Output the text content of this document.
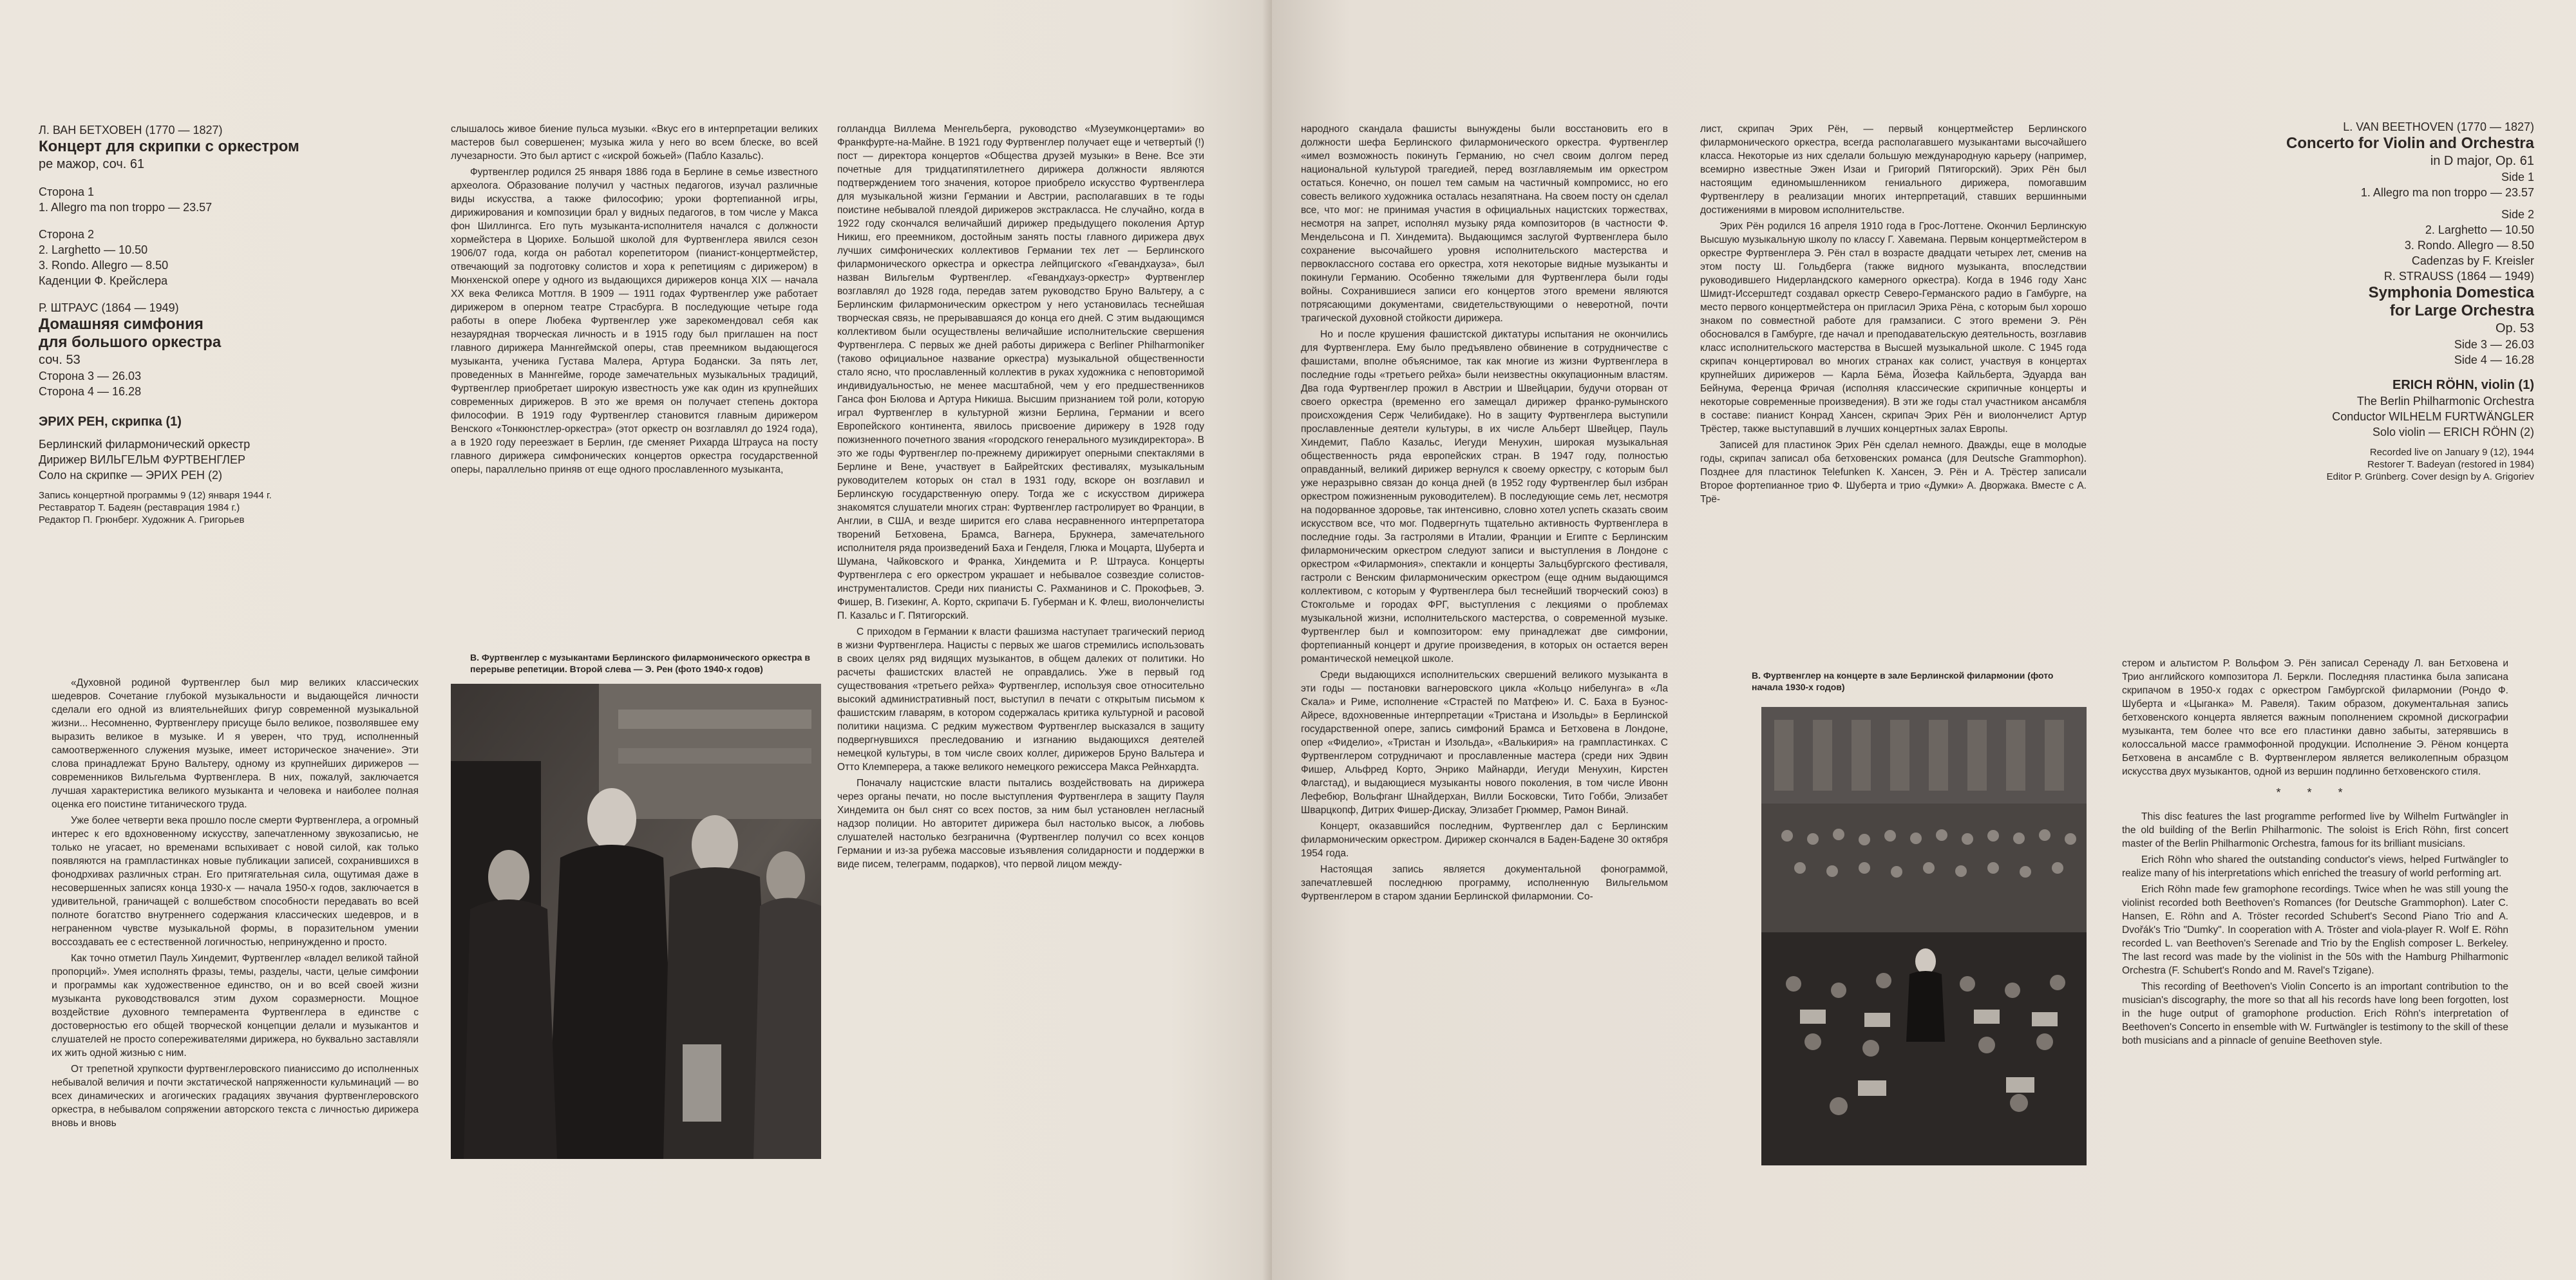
Л. ВАН БЕТХОВЕН (1770 — 1827)
Концерт для скрипки с оркестром
ре мажор, соч. 61
Сторона 1
1. Allegro ma non troppo — 23.57
Сторона 2
2. Larghetto — 10.50
3. Rondo. Allegro — 8.50
Каденции Ф. Крейслера
Р. ШТРАУС (1864 — 1949)
Домашняя симфония
для большого оркестра
соч. 53
Сторона 3 — 26.03
Сторона 4 — 16.28
ЭРИХ РЕН, скрипка (1)
Берлинский филармонический оркестр
Дирижер ВИЛЬГЕЛЬМ ФУРТВЕНГЛЕР
Соло на скрипке — ЭРИХ РЕН (2)
Запись концертной программы 9 (12) января 1944 г.
Реставратор Т. Бадеян (реставрация 1984 г.)
Редактор П. Грюнберг. Художник А. Григорьев

«Духовной родиной Фуртвенглер был мир великих классических шедевров. Сочетание глубокой музыкальности и выдающейся личности сделали его одной из влиятельнейших фигур современной музыкальной жизни... Несомненно, Фуртвенглеру присуще было великое, позволявшее ему выразить великое в музыке. И я уверен, что труд, исполненный самоотверженного служения музыке, имеет историческое значение». Эти слова принадлежат Бруно Вальтеру, одному из крупнейших дирижеров — современников Вильгельма Фуртвенглера. В них, пожалуй, заключается лучшая характеристика великого музыканта и человека и наиболее полная оценка его поистине титанического труда.

Уже более четверти века прошло после смерти Фуртвенглера, а огромный интерес к его вдохновенному искусству, запечатленному звукозаписью, не только не угасает, но временами вспыхивает с новой силой, как только появляются на грампластинках новые публикации записей, сохранившихся в фонодрхивах различных стран. Его притягательная сила, ощутимая даже в несовершенных записях конца 1930-х — начала 1950-х годов, заключается в удивительной, граничащей с волшебством способности передавать во всей полноте богатство внутреннего содержания классических шедевров, и в неграненном чувстве музыкальной формы, в поразительном умении воссоздавать ее с естественной логичностью, непринужденно и просто.

Как точно отметил Пауль Хиндемит, Фуртвенглер «владел великой тайной пропорций». Умея исполнять фразы, темы, разделы, части, целые симфонии и программы как художественное единство, он и во всей своей жизни музыканта руководствовался этим духом соразмерности. Мощное воздействие духовного темперамента Фуртвенглера в единстве с достоверностью его общей творческой концепции делали и музыкантов и слушателей не просто сопереживателями дирижера, но буквально заставляли их жить одной жизнью с ним.

От трепетной хрупкости фуртвенглеровского пианиссимо до исполненных небывалой величия и почти экстатической напряженности кульминаций — во всех динамических и агогических градациях звучания фуртвенглеровского оркестра, в небывалом сопряжении авторского текста с личностью дирижера вновь и вновь

слышалось живое биение пульса музыки. «Вкус его в интерпретации великих мастеров был совершенен; музыка жила у него во всем блеске, во всей лучезарности. Это был артист с «искрой божьей» (Пабло Казальс).

Фуртвенглер родился 25 января 1886 года в Берлине в семье известного археолога. Образование получил у частных педагогов, изучал различные виды искусства, а также философию; уроки фортепианной игры, дирижирования и композиции брал у видных педагогов, в том числе у Макса фон Шиллингса. Его путь музыканта-исполнителя начался с должности хормейстера в Цюрихе. Большой школой для Фуртвенглера явился сезон 1906/07 года, когда он работал корепетитором (пианист-концертмейстер, отвечающий за подготовку солистов и хора к репетициям с дирижером) в Мюнхенской опере у одного из выдающихся дирижеров конца XIX — начала XX века Феликса Моттля. В 1909 — 1911 годах Фуртвенглер уже работает дирижером в оперном театре Страсбурга. В последующие четыре года работы в опере Любека Фуртвенглер уже зарекомендовал себя как незаурядная творческая личность и в 1915 году был приглашен на пост главного дирижера Маннгеймской оперы, став преемником выдающегося музыканта, ученика Густава Малера, Артура Бодански. За пять лет, проведенных в Маннгейме, городе замечательных музыкальных традиций, Фуртвенглер приобретает широкую известность уже как один из крупнейших современных дирижеров. В это же время он получает степень доктора философии. В 1919 году Фуртвенглер становится главным дирижером Венского «Тонкюнстлер-оркестра» (этот оркестр он возглавлял до 1924 года), а в 1920 году переезжает в Берлин, где сменяет Рихарда Штрауса на посту главного дирижера симфонических концертов оркестра государственной оперы, параллельно приняв от еще одного прославленного музыканта,

В. Фуртвенглер с музыкантами Берлинского филармонического оркестра в перерыве репетиции. Второй слева — Э. Рен (фото 1940-х годов)

голландца Виллема Менгельберга, руководство «Музеумконцертами» во Франкфурте-на-Майне. В 1921 году Фуртвенглер получает еще и четвертый (!) пост — директора концертов «Общества друзей музыки» в Вене. Все эти почетные для тридцатипятилетнего дирижера должности являются подтверждением того значения, которое приобрело искусство Фуртвенглера для музыкальной жизни Германии и Австрии, располагавших в те годы поистине небывалой плеядой дирижеров экстракласса. Не случайно, когда в 1922 году скончался величайший дирижер предыдущего поколения Артур Никиш, его преемником, достойным занять посты главного дирижера двух лучших симфонических коллективов Германии тех лет — Берлинского филармонического оркестра и оркестра лейпцигского «Гевандхауза», был назван Вильгельм Фуртвенглер. «Гевандхауз-оркестр» Фуртвенглер возглавлял до 1928 года, передав затем руководство Бруно Вальтеру, а с Берлинским филармоническим оркестром у него установилась теснейшая творческая связь, не прерывавшаяся до конца его дней. С этим выдающимся коллективом были осуществлены величайшие исполнительские свершения Фуртвенглера. С первых же дней работы дирижера с Berliner Philharmoniker (таково официальное название оркестра) музыкальной общественности стало ясно, что прославленный коллектив в руках художника с неповторимой индивидуальностью, не менее масштабной, чем у его предшественников Ганса фон Бюлова и Артура Никиша. Высшим признанием той роли, которую играл Фуртвенглер в культурной жизни Берлина, Германии и всего Европейского континента, явилось присвоение дирижеру в 1928 году пожизненного почетного звания «городского генерального музикдиректора». В это же годы Фуртвенглер по-прежнему дирижирует оперными спектаклями в Берлине и Вене, участвует в Байрейтских фестивалях, музыкальным руководителем которых он стал в 1931 году, вскоре он возглавил и Берлинскую государственную оперу. Тогда же с искусством дирижера знакомятся слушатели многих стран: Фуртвенглер гастролирует во Франции, в Англии, в США, и везде ширится его слава несравненного интерпретатора творений Бетховена, Брамса, Вагнера, Брукнера, замечательного исполнителя ряда произведений Баха и Генделя, Глюка и Моцарта, Шуберта и Шумана, Чайковского и Франка, Хиндемита и Р. Штрауса. Концерты Фуртвенглера с его оркестром украшает и небывалое созвездие солистов-инструменталистов. Среди них пианисты С. Рахманинов и С. Прокофьев, Э. Фишер, В. Гизекинг, А. Корто, скрипачи Б. Губерман и К. Флеш, виолончелисты П. Казальс и Г. Пятигорский.

С приходом в Германии к власти фашизма наступает трагический период в жизни Фуртвенглера. Нацисты с первых же шагов стремились использовать в своих целях ряд видящих музыкантов, в общем далеких от политики. Но расчеты фашистских властей не оправдались. Уже в первый год существования «третьего рейха» Фуртвенглер, используя свое относительно высокий административный пост, выступил в печати с открытым письмом к фашистским главарям, в котором содержалась критика культурной и расовой политики нацизма. С редким мужеством Фуртвенглер высказался в защиту подвергнувшихся преследованию и изгнанию выдающихся деятелей немецкой культуры, в том числе своих коллег, дирижеров Бруно Вальтера и Отто Клемперера, а также великого немецкого режиссера Макса Рейнхардта.

Поначалу нацистские власти пытались воздействовать на дирижера через органы печати, но после выступления Фуртвенглера в защиту Пауля Хиндемита он был снят со всех постов, за ним был установлен негласный надзор полиции. Но авторитет дирижера был настолько высок, а любовь слушателей настолько безгранична (Фуртвенглер получил со всех концов Германии и из-за рубежа массовые изъявления солидарности и поддержки в виде писем, телеграмм, подарков), что первой лицом между-

народного скандала фашисты вынуждены были восстановить его в должности шефа Берлинского филармонического оркестра. Фуртвенглер «имел возможность покинуть Германию, но счел своим долгом перед национальной культурой трагедией, перед возглавляемым им оркестром остаться. Конечно, он пошел тем самым на частичный компромисс, но его совесть великого художника осталась незапятнана. На своем посту он сделал все, что мог: не принимая участия в официальных нацистских торжествах, несмотря на запрет, исполнял музыку ряда композиторов (в частности Ф. Мендельсона и П. Хиндемита). Выдающимся заслугой Фуртвенглера было сохранение высочайшего уровня исполнительского мастерства и первоклассного состава его оркестра, хотя некоторые видные музыканты и покинули Германию. Особенно тяжелыми для Фуртвенглера были годы войны. Сохранившиеся записи его концертов этого времени являются потрясающими документами, свидетельствующими о неверотной, почти трагической духовной стойкости дирижера.

Но и после крушения фашистской диктатуры испытания не окончились для Фуртвенглера. Ему было предъявлено обвинение в сотрудничестве с фашистами, вполне объяснимое, так как многие из жизни Фуртвенглера в последние годы «третьего рейха» были неизвестны оккупационным властям. Два года Фуртвенглер прожил в Австрии и Швейцарии, будучи оторван от своего оркестра (временно его замещал дирижер франко-румынского происхождения Серж Челибидаке). Но в защиту Фуртвенглера выступили прославленные деятели культуры, в их числе Альберт Швейцер, Пауль Хиндемит, Пабло Казальс, Иегуди Менухин, широкая музыкальная общественность ряда европейских стран. В 1947 году, полностью оправданный, великий дирижер вернулся к своему оркестру, с которым был уже неразрывно связан до конца дней (в 1952 году Фуртвенглер был избран оркестром пожизненным руководителем). В последующие семь лет, несмотря на подорванное здоровье, так интенсивно, словно хотел успеть сказать своим искусством все, что мог. Подвергнуть тщательно активность Фуртвенглера в последние годы. За гастролями в Италии, Франции и Египте с Берлинским филармоническим оркестром следуют записи и выступления в Лондоне с оркестром «Филармония», спектакли и концерты Зальцбургского фестиваля, гастроли с Венским филармоническим оркестром (еще одним выдающимся коллективом, с которым у Фуртвенглера был теснейший творческий союз) в Стокгольме и городах ФРГ, выступления с лекциями о проблемах музыкальной жизни, исполнительского мастерства, о современной музыке. Фуртвенглер был и композитором: ему принадлежат две симфонии, фортепианный концерт и другие произведения, в которых он остается верен романтической немецкой школе.

Среди выдающихся исполнительских свершений великого музыканта в эти годы — постановки вагнеровского цикла «Кольцо нибелунга» в «Ла Скала» и Риме, исполнение «Страстей по Матфею» И. С. Баха в Буэнос-Айресе, вдохновенные интерпретации «Тристана и Изольды» в Берлинской государственной опере, запись симфоний Брамса и Бетховена в Лондоне, опер «Фиделио», «Тристан и Изольда», «Валькирия» на грампластинках. С Фуртвенглером сотрудничают и прославленные мастера (среди них Эдвин Фишер, Альфред Корто, Энрико Майнарди, Иегуди Менухин, Кирстен Флагстад), и выдающиеся музыканты нового поколения, в том числе Ивонн Лефебюр, Вольфганг Шнайдерхан, Вилли Босковски, Тито Гобби, Элизабет Шварцкопф, Дитрих Фишер-Дискау, Элизабет Грюммер, Рамон Винай.

Концерт, оказавшийся последним, Фуртвенглер дал с Берлинским филармоническим оркестром. Дирижер скончался в Баден-Бадене 30 октября 1954 года.

Настоящая запись является документальной фонограммой, запечатлевшей последнюю программу, исполненную Вильгельмом Фуртвенглером в старом здании Берлинской филармонии. Со-

лист, скрипач Эрих Рён, — первый концертмейстер Берлинского филармонического оркестра, всегда располагавшего музыкантами высочайшего класса. Некоторые из них сделали большую международную карьеру (например, всемирно известные Эжен Изаи и Григорий Пятигорский). Эрих Рён был настоящим единомышленником гениального дирижера, помогавшим Фуртвенглеру в реализации многих интерпретаций, ставших вершинными достижениями в мировом исполнительстве.

Эрих Рён родился 16 апреля 1910 года в Грос-Лоттене. Окончил Берлинскую Высшую музыкальную школу по классу Г. Хавемана. Первым концертмейстером в оркестре Фуртвенглера Э. Рён стал в возрасте двадцати четырех лет, сменив на этом посту Ш. Гольдберга (также видного музыканта, впоследствии руководившего Нидерландского камерного оркестра). Когда в 1946 году Ханс Шмидт-Иссерштедт создавал оркестр Северо-Германского радио в Гамбурге, на место первого концертмейстера он пригласил Эриха Рёна, с которым был хорошо знаком по совместной работе для грамзаписи. С этого времени Э. Рён обосновался в Гамбурге, где начал и преподавательскую деятельность, возглавив класс исполнительского мастерства в Высшей музыкальной школе. С 1945 года скрипач концертировал во многих странах как солист, участвуя в концертах крупнейших дирижеров — Карла Бёма, Йозефа Кайльберта, Эдуарда ван Бейнума, Ференца Фричая (исполняя классические скрипичные концерты и некоторые современные произведения). В эти же годы стал участником ансамбля в составе: пианист Конрад Хансен, скрипач Эрих Рён и виолончелист Артур Трёстер, также выступавший в лучших концертных залах Европы.

Записей для пластинок Эрих Рён сделал немного. Дважды, еще в молодые годы, скрипач записал оба бетховенских романса (для Deutsche Grammophon). Позднее для пластинок Telefunken К. Хансен, Э. Рён и А. Трёстер записали Второе фортепианное трио Ф. Шуберта и трио «Думки» А. Дворжака. Вместе с А. Трё-

В. Фуртвенглер на концерте в зале Берлинской филармонии (фото начала 1930-х годов)

стером и альтистом Р. Вольфом Э. Рён записал Серенаду Л. ван Бетховена и Трио английского композитора Л. Беркли. Последняя пластинка была записана скрипачом в 1950-х годах с оркестром Гамбургской филармонии (Рондо Ф. Шуберта и «Цыганка» М. Равеля). Таким образом, документальная запись бетховенского концерта является важным пополнением скромной дискографии музыканта, тем более что все его пластинки давно забыты, затерявшись в колоссальной массе граммофонной продукции. Исполнение Э. Рёном концерта Бетховена в ансамбле с В. Фуртвенглером является великолепным образцом искусства двух музыкантов, одной из вершин подлинно бетховенского стиля.

* * *

This disc features the last programme performed live by Wilhelm Furtwängler in the old building of the Berlin Philharmonic. The soloist is Erich Röhn, first concert master of the Berlin Philharmonic Orchestra, famous for its brilliant musicians.

Erich Röhn who shared the outstanding conductor's views, helped Furtwängler to realize many of his interpretations which enriched the treasury of world performing art.

Erich Röhn made few gramophone recordings. Twice when he was still young the violinist recorded both Beethoven's Romances (for Deutsche Grammophon). Later C. Hansen, E. Röhn and A. Tröster recorded Schubert's Second Piano Trio and A. Dvořák's Trio "Dumky". In cooperation with A. Tröster and viola-player R. Wolf E. Röhn recorded L. van Beethoven's Serenade and Trio by the English composer L. Berkeley. The last record was made by the violinist in the 50s with the Hamburg Philharmonic Orchestra (F. Schubert's Rondo and M. Ravel's Tzigane).

This recording of Beethoven's Violin Concerto is an important contribution to the musician's discography, the more so that all his records have long been forgotten, lost in the huge output of gramophone production. Erich Röhn's interpretation of Beethoven's Concerto in ensemble with W. Furtwängler is testimony to the skill of these both musicians and a pinnacle of genuine Beethoven style.

L. VAN BEETHOVEN (1770 — 1827)
Concerto for Violin and Orchestra
in D major, Op. 61
Side 1
1. Allegro ma non troppo — 23.57
Side 2
2. Larghetto — 10.50
3. Rondo. Allegro — 8.50
Cadenzas by F. Kreisler
R. STRAUSS (1864 — 1949)
Symphonia Domestica
for Large Orchestra
Op. 53
Side 3 — 26.03
Side 4 — 16.28
ERICH RÖHN, violin (1)
The Berlin Philharmonic Orchestra
Conductor WILHELM FURTWÄNGLER
Solo violin — ERICH RÖHN (2)
Recorded live on January 9 (12), 1944
Restorer T. Badeyan (restored in 1984)
Editor P. Grünberg. Cover design by A. Grigoriev
